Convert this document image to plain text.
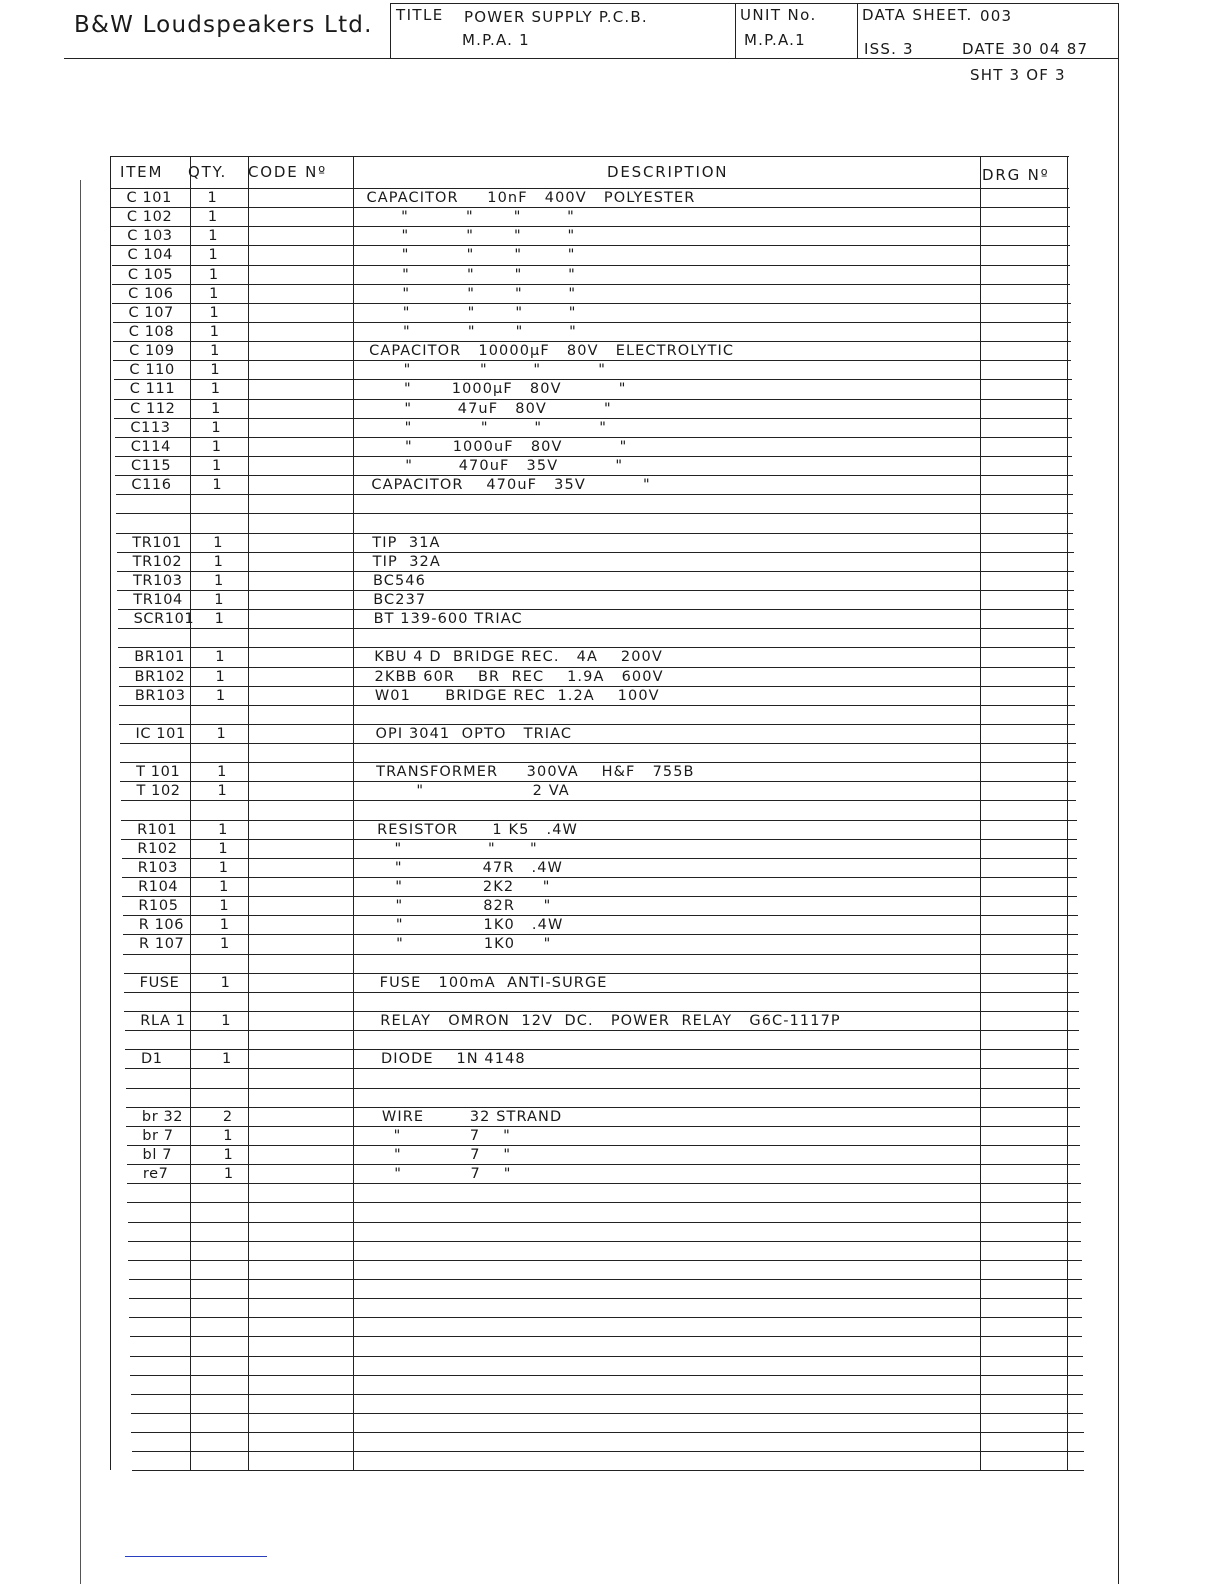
B&W Loudspeakers Ltd. TITLE POWER SUPPLY P.C.B.
M.P.A. 1
UNIT No.
M.P.A.1
DATA SHEET. 003
ISS. 3	DATE 30 04 87
SHT 3 OF 3
ITEM QTY. CODE Nº	DESCRIPTION	DRG Nº
C 101 1	CAPACITOR     10nF   400V   POLYESTER
C 102 1	"          "       "        "
C 103 1	"          "       "        "
C 104 1	"          "       "        "
C 105 1	"          "       "        "
C 106 1	"          "       "        "
C 107 1	"          "       "        "
C 108 1	"          "       "        "
C 109 1	CAPACITOR   10000μF   80V   ELECTROLYTIC
C 110 1	"            "        "          "
C 111 1	"       1000μF   80V          "
C 112 1	"        47uF   80V          "
C113	1	"            "        "          "
C114	1	"       1000uF   80V          "
C115	1	"        470uF   35V          "
C116	1	CAPACITOR    470uF   35V          "
TR101 1	TIP  31A
TR102 1	TIP  32A
TR103 1	BC546
TR104 1	BC237
SCR101 1	BT 139-600 TRIAC
BR101 1	KBU 4 D  BRIDGE REC.   4A    200V
BR102 1	2KBB 60R    BR  REC    1.9A   600V
BR103 1	W01      BRIDGE REC  1.2A    100V
IC 101 1	OPI 3041  OPTO   TRIAC
T 101	1	TRANSFORMER     300VA    H&F   755B
T 102	1	"                   2 VA
R101	1	RESISTOR      1 K5   .4W
R102	1	"               "      "
R103	1	"              47R   .4W
R104	1	"              2K2     "
R105	1	"              82R     "
R 106 1	"              1K0   .4W
R 107 1	"              1K0     "
FUSE	1	FUSE   100mA  ANTI-SURGE
RLA 1 1	RELAY   OMRON  12V  DC.   POWER  RELAY   G6C-1117P
D1	1	DIODE    1N 4148
br 32	2	WIRE        32 STRAND
br 7	1	"            7    "
bl 7	1	"            7    "
re7	1	"            7    "
